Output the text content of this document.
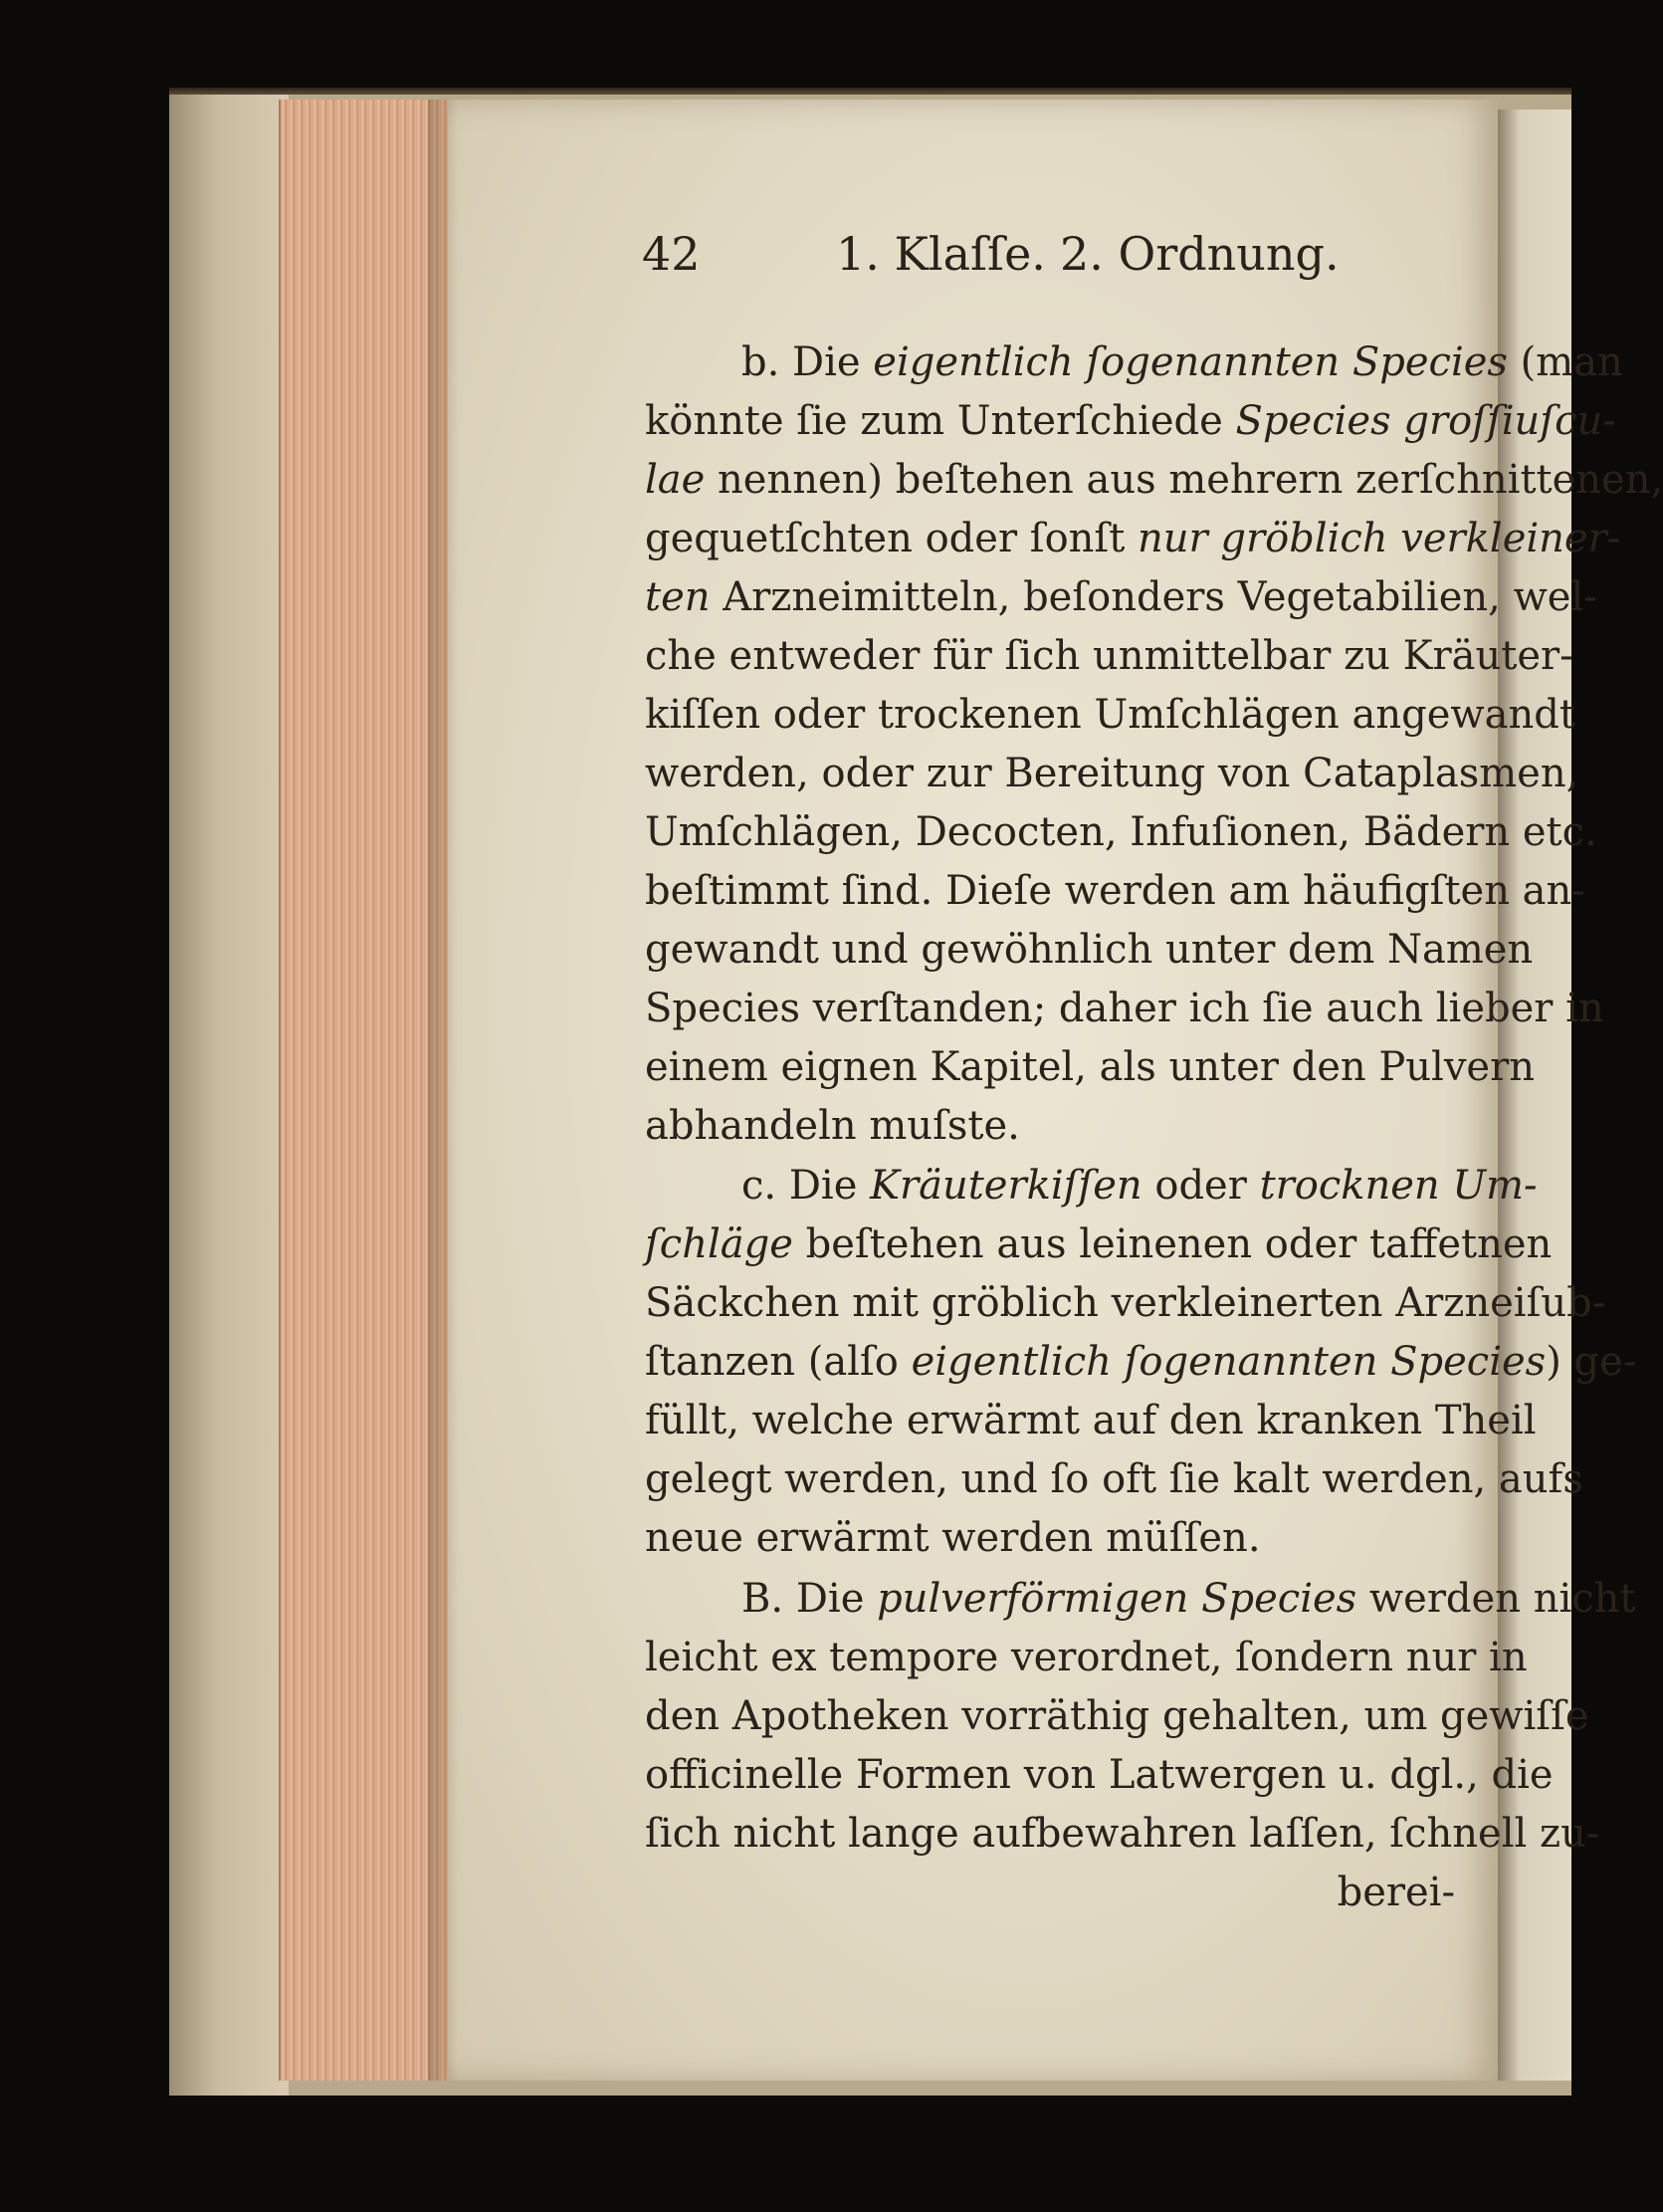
42	1. Klaſſe. 2. Ordnung.
b. Die eigentlich ſogenannten Species (man
könnte ſie zum Unterſchiede Species groſſiuſcu-
lae nennen) beſtehen aus mehrern zerſchnittenen,
gequetſchten oder ſonſt nur gröblich verkleiner-
ten Arzneimitteln, beſonders Vegetabilien, wel-
che entweder für ſich unmittelbar zu Kräuter-
kiſſen oder trockenen Umſchlägen angewandt
werden, oder zur Bereitung von Cataplasmen,
Umſchlägen, Decocten, Infuſionen, Bädern etc.
beſtimmt ſind. Dieſe werden am häufigſten an-
gewandt und gewöhnlich unter dem Namen
Species verſtanden; daher ich ſie auch lieber in
einem eignen Kapitel, als unter den Pulvern
abhandeln muſste.
c. Die Kräuterkiſſen oder trocknen Um-
ſchläge beſtehen aus leinenen oder taffetnen
Säckchen mit gröblich verkleinerten Arzneiſub-
ſtanzen (alſo eigentlich ſogenannten Species) ge-
füllt, welche erwärmt auf den kranken Theil
gelegt werden, und ſo oft ſie kalt werden, aufs
neue erwärmt werden müſſen.
B. Die pulverförmigen Species werden nicht
leicht ex tempore verordnet, ſondern nur in
den Apotheken vorräthig gehalten, um gewiſſe
officinelle Formen von Latwergen u. dgl., die
ſich nicht lange aufbewahren laſſen, ſchnell zu-
berei-
